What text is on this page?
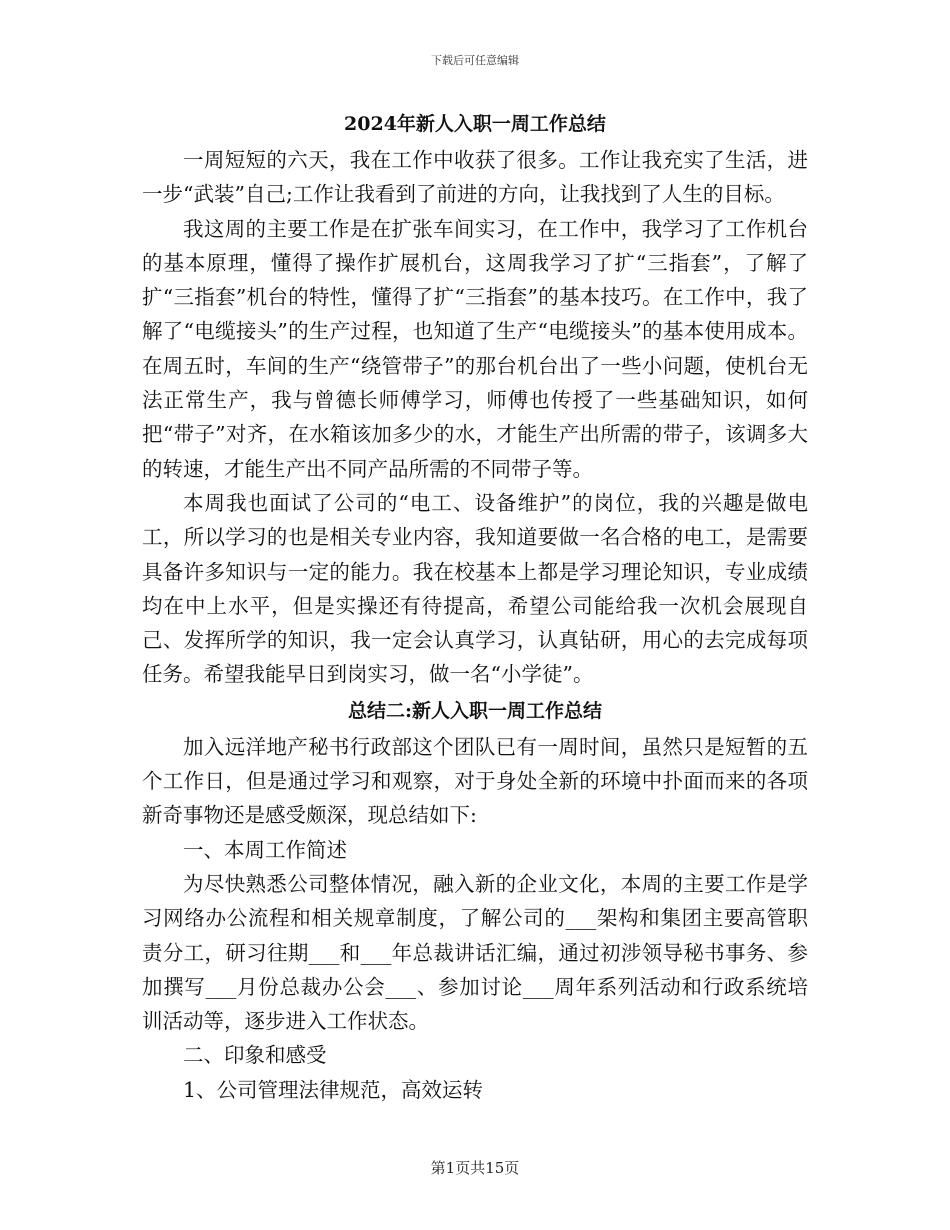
下载后可任意编辑

2024年新人入职一周工作总结

一周短短的六天，我在工作中收获了很多。工作让我充实了生活，进一步“武装”自己;工作让我看到了前进的方向，让我找到了人生的目标。

我这周的主要工作是在扩张车间实习，在工作中，我学习了工作机台的基本原理，懂得了操作扩展机台，这周我学习了扩“三指套”，了解了扩“三指套”机台的特性，懂得了扩“三指套”的基本技巧。在工作中，我了解了“电缆接头”的生产过程，也知道了生产“电缆接头”的基本使用成本。在周五时，车间的生产“绕管带子”的那台机台出了一些小问题，使机台无法正常生产，我与曾德长师傅学习，师傅也传授了一些基础知识，如何把“带子”对齐，在水箱该加多少的水，才能生产出所需的带子，该调多大的转速，才能生产出不同产品所需的不同带子等。

本周我也面试了公司的“电工、设备维护”的岗位，我的兴趣是做电工，所以学习的也是相关专业内容，我知道要做一名合格的电工，是需要具备许多知识与一定的能力。我在校基本上都是学习理论知识，专业成绩均在中上水平，但是实操还有待提高，希望公司能给我一次机会展现自己、发挥所学的知识，我一定会认真学习，认真钻研，用心的去完成每项任务。希望我能早日到岗实习，做一名“小学徒”。

总结二:新人入职一周工作总结

加入远洋地产秘书行政部这个团队已有一周时间，虽然只是短暂的五个工作日，但是通过学习和观察，对于身处全新的环境中扑面而来的各项新奇事物还是感受颇深，现总结如下:

一、本周工作简述

为尽快熟悉公司整体情况，融入新的企业文化，本周的主要工作是学习网络办公流程和相关规章制度，了解公司的___架构和集团主要高管职责分工，研习往期___和___年总裁讲话汇编，通过初涉领导秘书事务、参加撰写___月份总裁办公会___、参加讨论___周年系列活动和行政系统培训活动等，逐步进入工作状态。

二、印象和感受

1、公司管理法律规范，高效运转

第1页共15页
